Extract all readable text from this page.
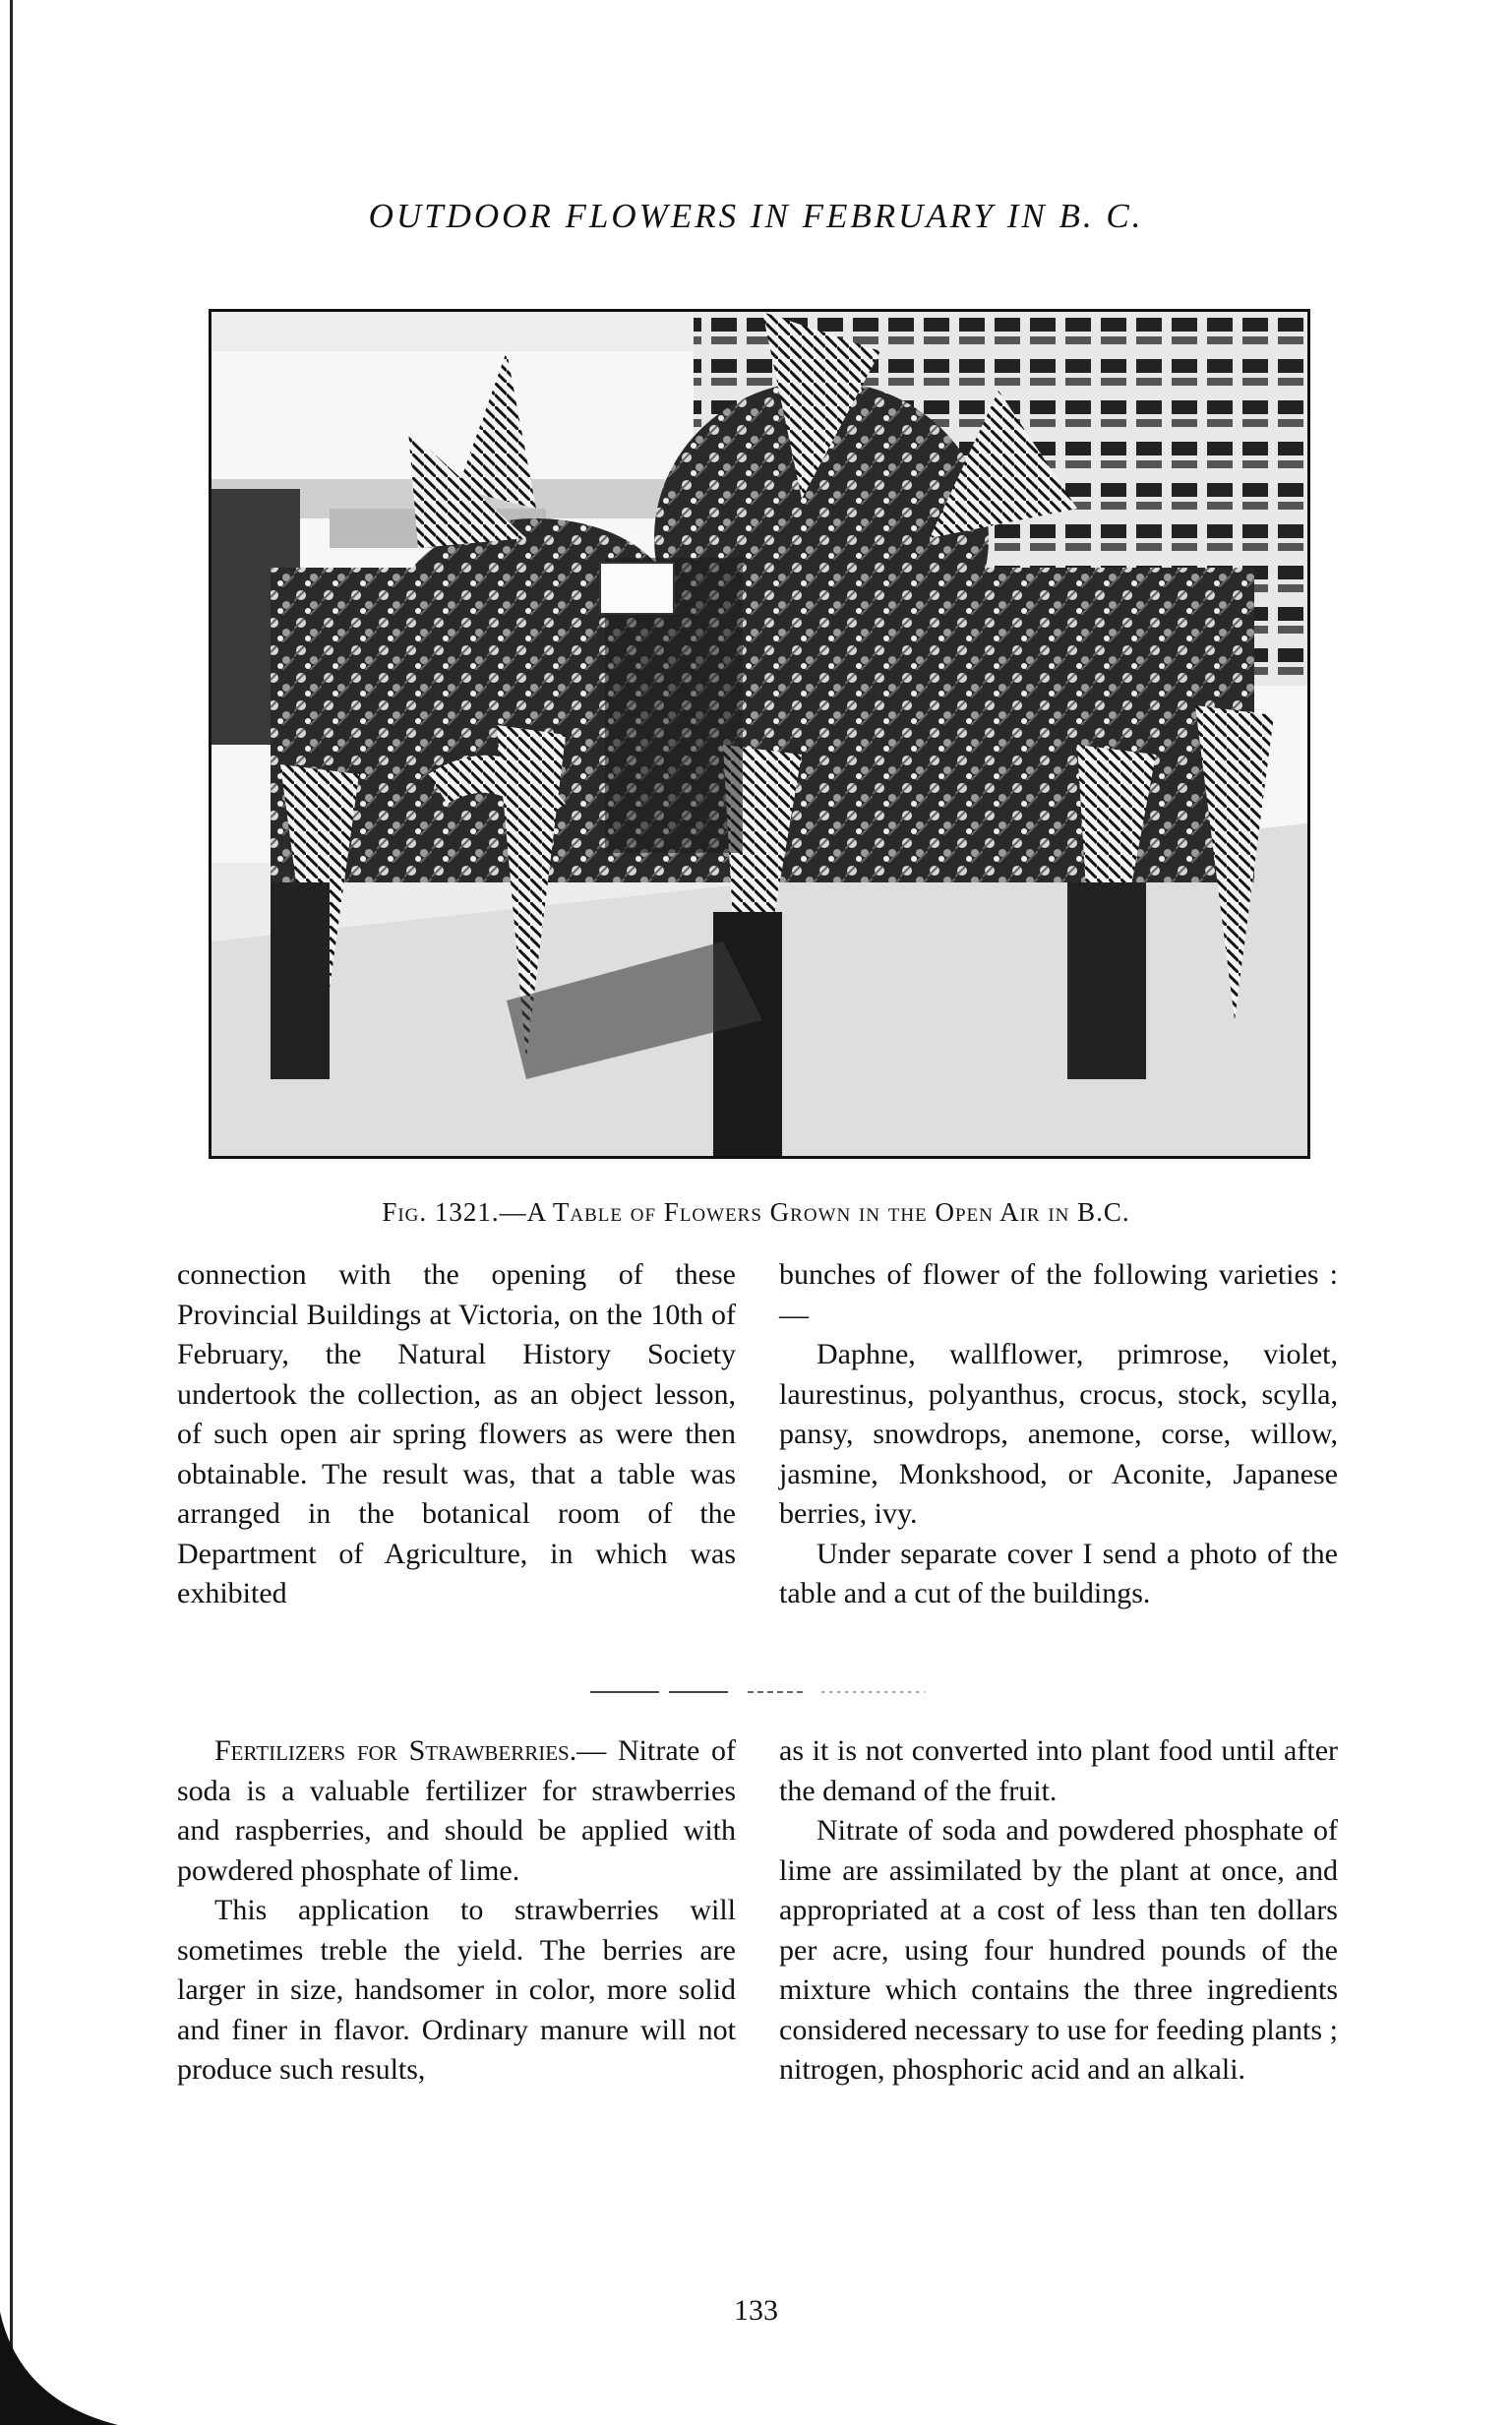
OUTDOOR FLOWERS IN FEBRUARY IN B. C.
Fig. 1321.—A Table of Flowers Grown in the Open Air in B.C.

connection with the opening of these Provincial Buildings at Victoria, on the 10th of February, the Natural History Society undertook the collection, as an object lesson, of such open air spring flowers as were then obtainable. The result was, that a table was arranged in the botanical room of the Department of Agriculture, in which was exhibited

bunches of flower of the following varieties :—

Daphne, wallflower, primrose, violet, laurestinus, polyanthus, crocus, stock, scylla, pansy, snowdrops, anemone, corse, willow, jasmine, Monkshood, or Aconite, Japanese berries, ivy.

Under separate cover I send a photo of the table and a cut of the buildings.

Fertilizers for Strawberries.— Nitrate of soda is a valuable fertilizer for strawberries and raspberries, and should be applied with powdered phosphate of lime.

This application to strawberries will sometimes treble the yield. The berries are larger in size, handsomer in color, more solid and finer in flavor. Ordinary manure will not produce such results,

as it is not converted into plant food until after the demand of the fruit.

Nitrate of soda and powdered phosphate of lime are assimilated by the plant at once, and appropriated at a cost of less than ten dollars per acre, using four hundred pounds of the mixture which contains the three ingredients considered necessary to use for feeding plants ; nitrogen, phosphoric acid and an alkali.

133
